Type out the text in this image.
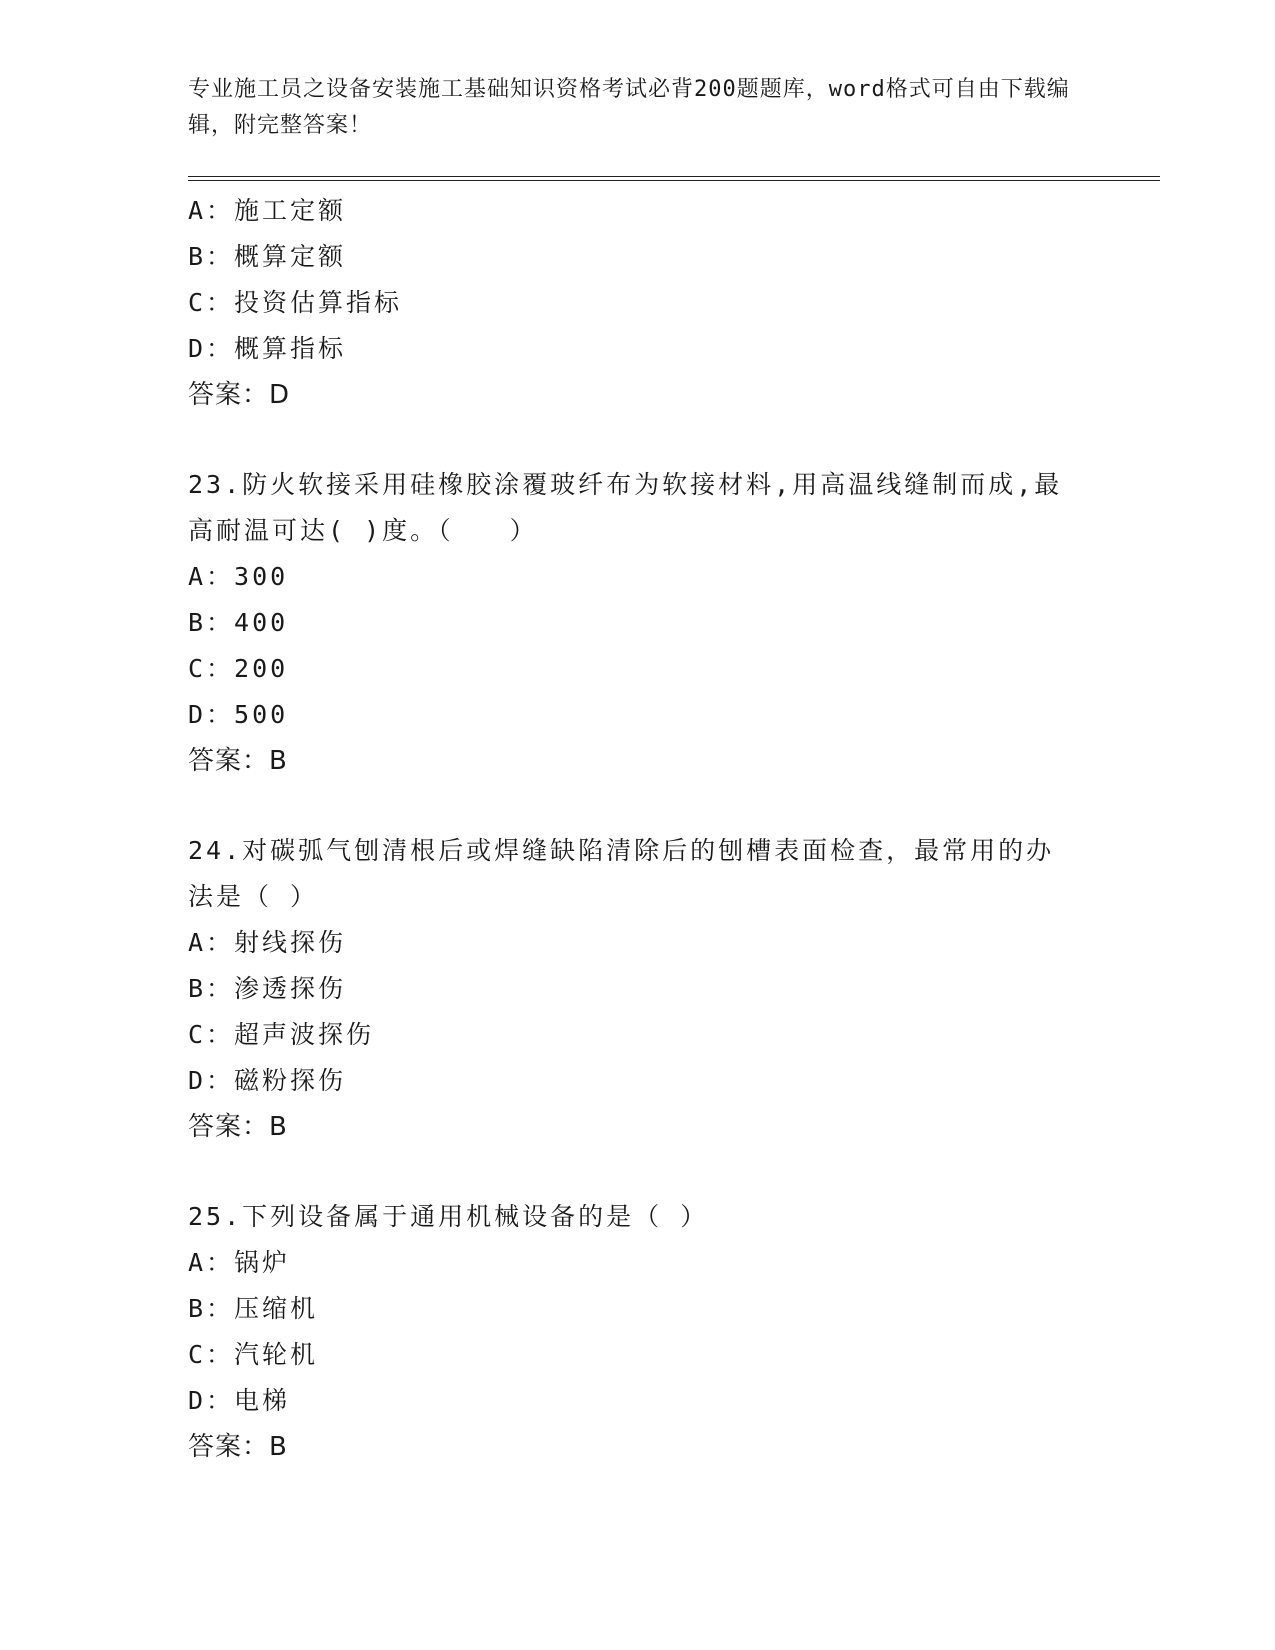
专业施工员之设备安装施工基础知识资格考试必背200题题库，word格式可自由下载编辑，附完整答案！
A：施工定额
B：概算定额
C：投资估算指标
D：概算指标
答案：D
23.防火软接采用硅橡胶涂覆玻纤布为软接材料,用高温线缝制而成,最高耐温可达( )度。（　　）
A：300
B：400
C：200
D：500
答案：B
24.对碳弧气刨清根后或焊缝缺陷清除后的刨槽表面检查，最常用的办法是（ ）
A：射线探伤
B：渗透探伤
C：超声波探伤
D：磁粉探伤
答案：B
25.下列设备属于通用机械设备的是（ ）
A：锅炉
B：压缩机
C：汽轮机
D：电梯
答案：B
